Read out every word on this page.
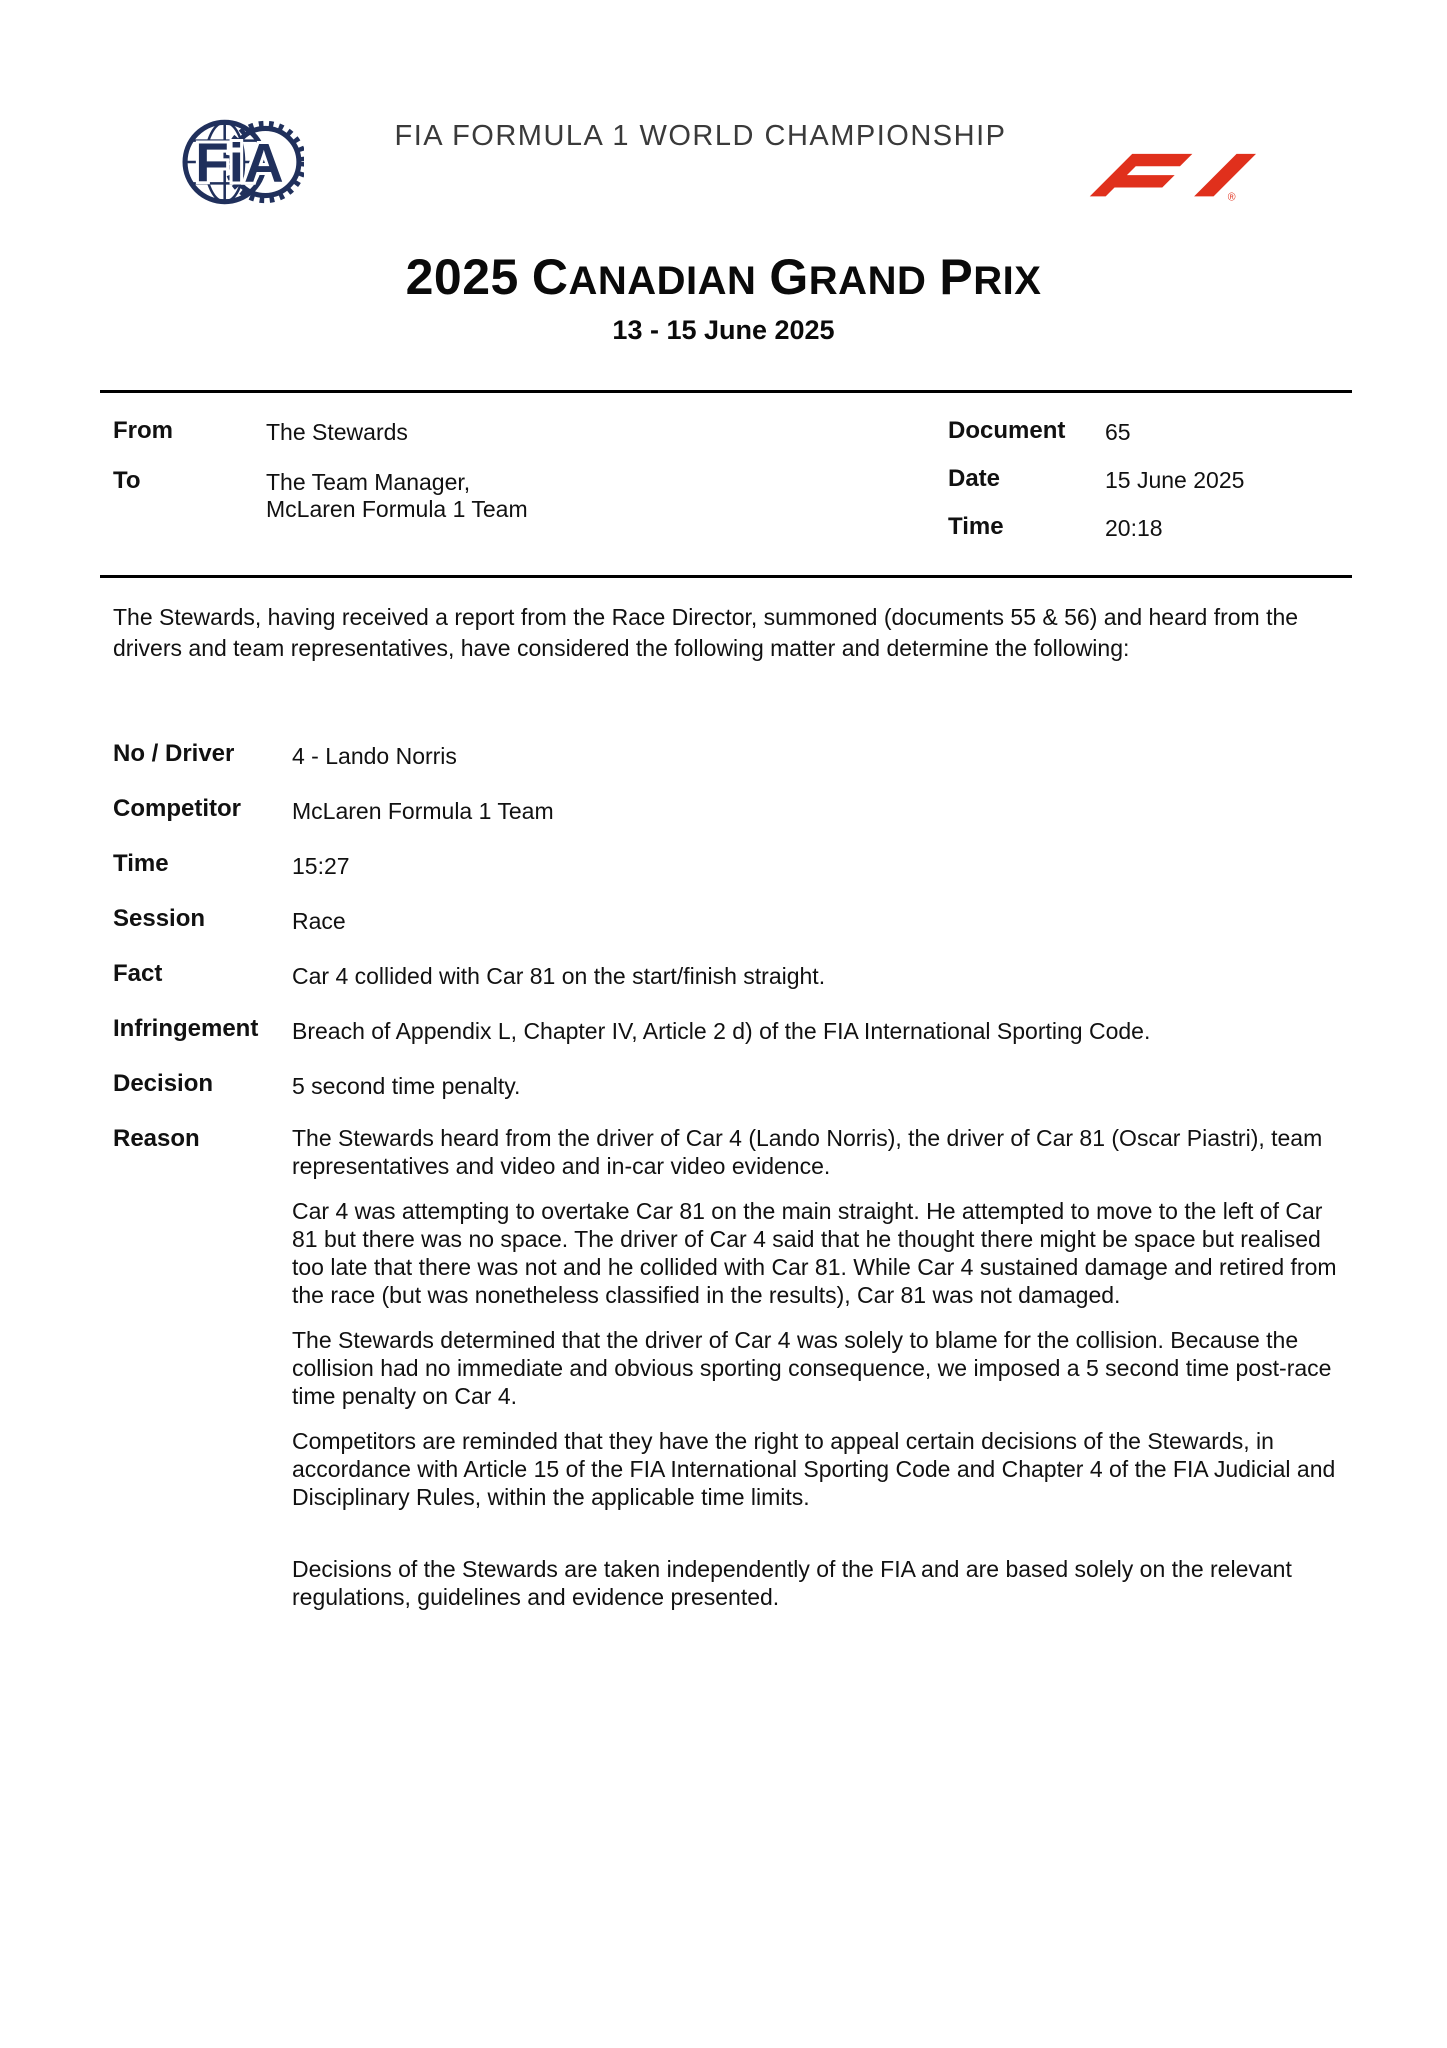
FiA	FIA FORMULA 1 WORLD CHAMPIONSHIP
®
2025 CANADIAN GRAND PRIX
13 - 15 June 2025
From	The Stewards
To	The Team Manager,
McLaren Formula 1 Team
Document 65
Date	15 June 2025
Time	20:18

The Stewards, having received a report from the Race Director, summoned (documents 55 & 56) and heard from the drivers and team representatives, have considered the following matter and determine the following:

No / Driver	4 - Lando Norris
Competitor McLaren Formula 1 Team
Time	15:27
Session	Race
Fact	Car 4 collided with Car 81 on the start/finish straight.
Infringement Breach of Appendix L, Chapter IV, Article 2 d) of the FIA International Sporting Code.
Decision	5 second time penalty.
Reason	The Stewards heard from the driver of Car 4 (Lando Norris), the driver of Car 81 (Oscar Piastri), team representatives and video and in-car video evidence.

Car 4 was attempting to overtake Car 81 on the main straight. He attempted to move to the left of Car 81 but there was no space. The driver of Car 4 said that he thought there might be space but realised too late that there was not and he collided with Car 81. While Car 4 sustained damage and retired from the race (but was nonetheless classified in the results), Car 81 was not damaged.

The Stewards determined that the driver of Car 4 was solely to blame for the collision. Because the collision had no immediate and obvious sporting consequence, we imposed a 5 second time post-race time penalty on Car 4.

Competitors are reminded that they have the right to appeal certain decisions of the Stewards, in accordance with Article 15 of the FIA International Sporting Code and Chapter 4 of the FIA Judicial and Disciplinary Rules, within the applicable time limits.

Decisions of the Stewards are taken independently of the FIA and are based solely on the relevant regulations, guidelines and evidence presented.
